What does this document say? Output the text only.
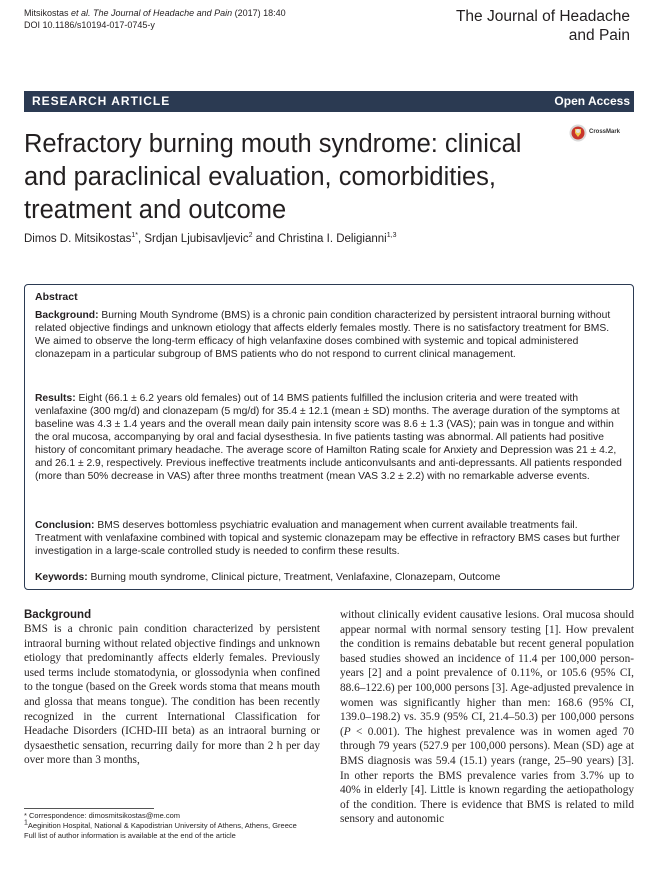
Mitsikostas et al. The Journal of Headache and Pain (2017) 18:40
DOI 10.1186/s10194-017-0745-y	The Journal of Headache
and Pain
RESEARCH ARTICLE	Open Access
Refractory burning mouth syndrome: clinical and paraclinical evaluation, comorbidities, treatment and outcome
CrossMark
Dimos D. Mitsikostas$^{1*}$, Srdjan Ljubisavljevic$^2$ and Christina I. Deligianni$^{1,3}$
Abstract
Background: Burning Mouth Syndrome (BMS) is a chronic pain condition characterized by persistent intraoral burning without related objective findings and unknown etiology that affects elderly females mostly. There is no satisfactory treatment for BMS. We aimed to observe the long-term efficacy of high velanfaxine doses combined with systemic and topical administered clonazepam in a particular subgroup of BMS patients who do not respond to current clinical management.
Results: Eight (66.1 ± 6.2 years old females) out of 14 BMS patients fulfilled the inclusion criteria and were treated with venlafaxine (300 mg/d) and clonazepam (5 mg/d) for 35.4 ± 12.1 (mean ± SD) months. The average duration of the symptoms at baseline was 4.3 ± 1.4 years and the overall mean daily pain intensity score was 8.6 ± 1.3 (VAS); pain was in tongue and within the oral mucosa, accompanying by oral and facial dysesthesia. In five patients tasting was abnormal. All patients had positive history of concomitant primary headache. The average score of Hamilton Rating scale for Anxiety and Depression was 21 ± 4.2, and 26.1 ± 2.9, respectively. Previous ineffective treatments include anticonvulsants and anti-depressants. All patients responded (more than 50% decrease in VAS) after three months treatment (mean VAS 3.2 ± 2.2) with no remarkable adverse events.
Conclusion: BMS deserves bottomless psychiatric evaluation and management when current available treatments fail. Treatment with venlafaxine combined with topical and systemic clonazepam may be effective in refractory BMS cases but further investigation in a large-scale controlled study is needed to confirm these results.
Keywords: Burning mouth syndrome, Clinical picture, Treatment, Venlafaxine, Clonazepam, Outcome
Background
BMS is a chronic pain condition characterized by persistent intraoral burning without related objective findings and unknown etiology that predominantly affects elderly females. Previously used terms include stomatodynia, or glossodynia when confined to the tongue (based on the Greek words stoma that means mouth and glossa that means tongue). The condition has been recently recognized in the current International Classification for Headache Disorders (ICHD-III beta) as an intraoral burning or dysaesthetic sensation, recurring daily for more than 2 h per day over more than 3 months,
without clinically evident causative lesions. Oral mucosa should appear normal with normal sensory testing [1]. How prevalent the condition is remains debatable but recent general population based studies showed an incidence of 11.4 per 100,000 person-years [2] and a point prevalence of 0.11%, or 105.6 (95% CI, 88.6–122.6) per 100,000 persons [3]. Age-adjusted prevalence in women was significantly higher than men: 168.6 (95% CI, 139.0–198.2) vs. 35.9 (95% CI, 21.4–50.3) per 100,000 persons (P < 0.001). The highest prevalence was in women aged 70 through 79 years (527.9 per 100,000 persons). Mean (SD) age at BMS diagnosis was 59.4 (15.1) years (range, 25–90 years) [3]. In other reports the BMS prevalence varies from 3.7% up to 40% in elderly [4]. Little is known regarding the aetiopathology of the condition. There is evidence that BMS is related to mild sensory and autonomic
* Correspondence: dimosmitsikostas@me.com
$^1$Aeginition Hospital, National & Kapodistrian University of Athens, Athens, Greece
Full list of author information is available at the end of the article
